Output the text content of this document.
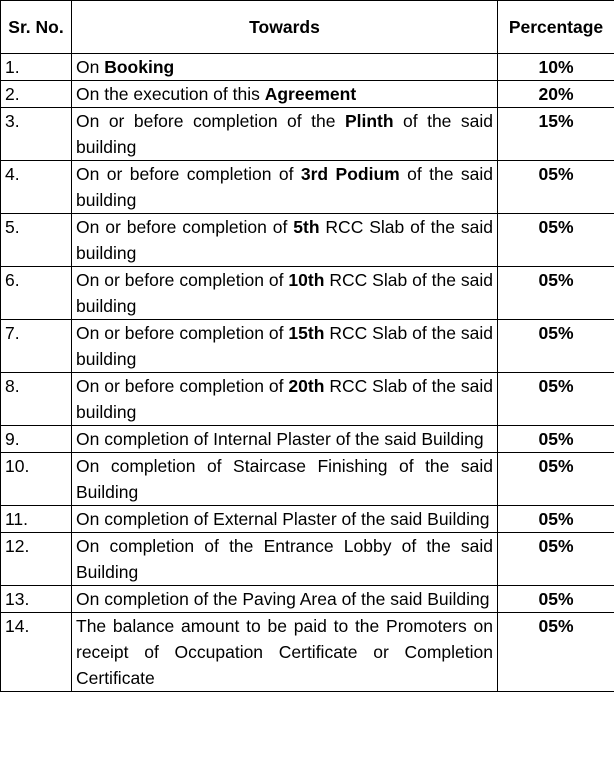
Sr. No.	Towards	Percentage
1.	On Booking	10%
2.	On the execution of this Agreement	20%
3.	On or before completion of the Plinth of the said building	15%
4.	On or before completion of 3rd Podium of the said building	05%
5.	On or before completion of 5th RCC Slab of the said building	05%
6.	On or before completion of 10th RCC Slab of the said building	05%
7.	On or before completion of 15th RCC Slab of the said building	05%
8.	On or before completion of 20th RCC Slab of the said building	05%
9.	On completion of Internal Plaster of the said Building	05%
10.	On completion of Staircase Finishing of the said Building	05%
11.	On completion of External Plaster of the said Building	05%
12.	On completion of the Entrance Lobby of the said Building	05%
13.	On completion of the Paving Area of the said Building	05%
14.	The balance amount to be paid to the Promoters on receipt of Occupation Certificate or Completion Certificate	05%
